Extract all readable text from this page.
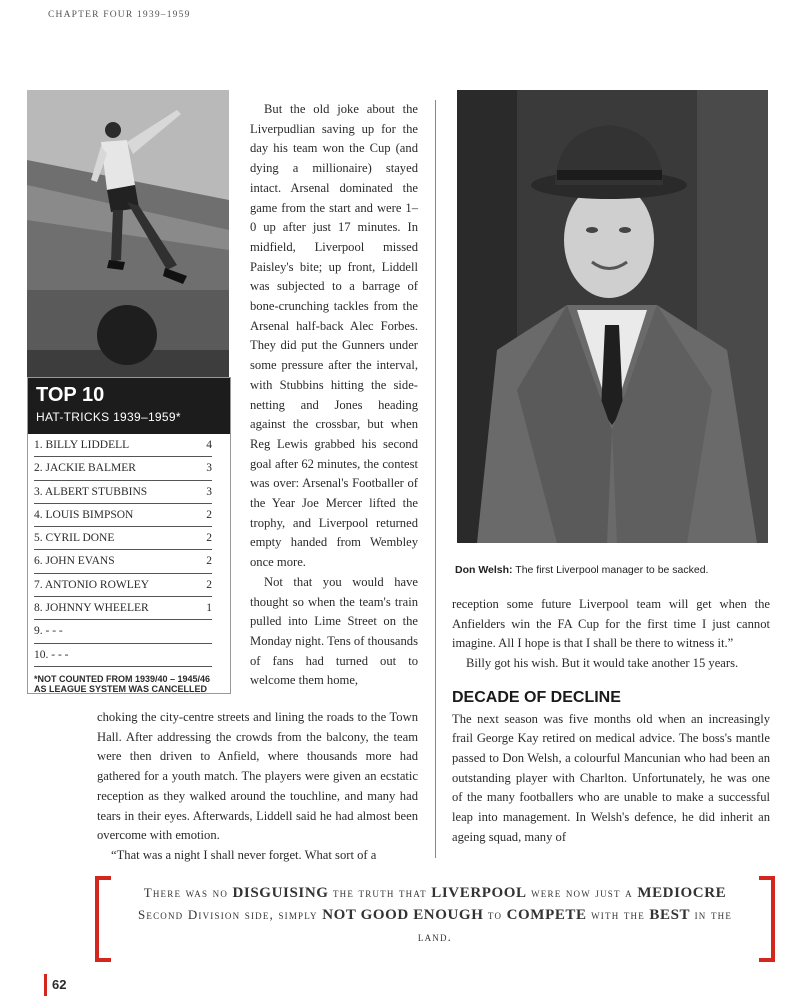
CHAPTER FOUR 1939–1959
TOP 10
HAT-TRICKS 1939–1959*
1. BILLY LIDDELL	4
2. JACKIE BALMER	3
3. ALBERT STUBBINS	3
4. LOUIS BIMPSON	2
5. CYRIL DONE	2
6. JOHN EVANS	2
7. ANTONIO ROWLEY	2
8. JOHNNY WHEELER	1
9. - - -
10. - - -
*NOT COUNTED FROM 1939/40 – 1945/46 AS LEAGUE SYSTEM WAS CANCELLED

But the old joke about the Liverpudlian saving up for the day his team won the Cup (and dying a millionaire) stayed intact. Arsenal dominated the game from the start and were 1–0 up after just 17 minutes. In midfield, Liverpool missed Paisley's bite; up front, Liddell was subjected to a barrage of bone-crunching tackles from the Arsenal half-back Alec Forbes. They did put the Gunners under some pressure after the interval, with Stubbins hitting the side-netting and Jones heading against the crossbar, but when Reg Lewis grabbed his second goal after 62 minutes, the contest was over: Arsenal's Footballer of the Year Joe Mercer lifted the trophy, and Liverpool returned empty handed from Wembley once more.

Not that you would have thought so when the team's train pulled into Lime Street on the Monday night. Tens of thousands of fans had turned out to welcome them home,

choking the city-centre streets and lining the roads to the Town Hall. After addressing the crowds from the balcony, the team were then driven to Anfield, where thousands more had gathered for a youth match. The players were given an ecstatic reception as they walked around the touchline, and many had tears in their eyes. Afterwards, Liddell said he had almost been overcome with emotion.

“That was a night I shall never forget. What sort of a

Don Welsh: The first Liverpool manager to be sacked.

reception some future Liverpool team will get when the Anfielders win the FA Cup for the first time I just cannot imagine. All I hope is that I shall be there to witness it.”

Billy got his wish. But it would take another 15 years.

DECADE OF DECLINE

The next season was five months old when an increasingly frail George Kay retired on medical advice. The boss's mantle passed to Don Welsh, a colourful Mancunian who had been an outstanding player with Charlton. Unfortunately, he was one of the many footballers who are unable to make a successful leap into management. In Welsh's defence, he did inherit an ageing squad, many of

There was no DISGUISING the truth that LIVERPOOL were now just a MEDIOCRE Second Division side, simply NOT GOOD ENOUGH to COMPETE with the BEST in the land.
62
